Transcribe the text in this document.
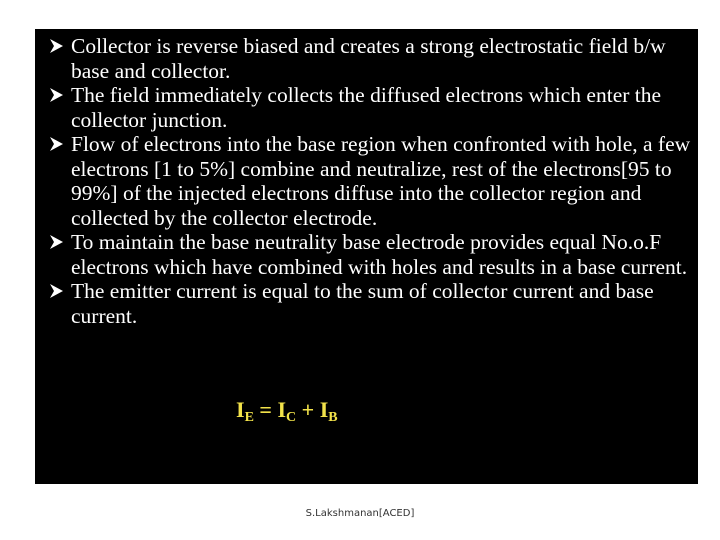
Collector is reverse biased and creates a strong electrostatic field b/w base and collector.
The field immediately collects the diffused electrons which enter the collector junction.
Flow of electrons into the base region when confronted with hole, a few electrons [1 to 5%] combine and neutralize, rest of the electrons[95 to 99%] of the injected electrons diffuse into the collector region and collected by the collector electrode.
To maintain the base neutrality base electrode provides equal No.o.F electrons which have combined with holes and results in a base current.
The emitter current is equal to the sum of collector current and base current.
$I_E = I_C + I_B$
S.Lakshmanan[ACED]
